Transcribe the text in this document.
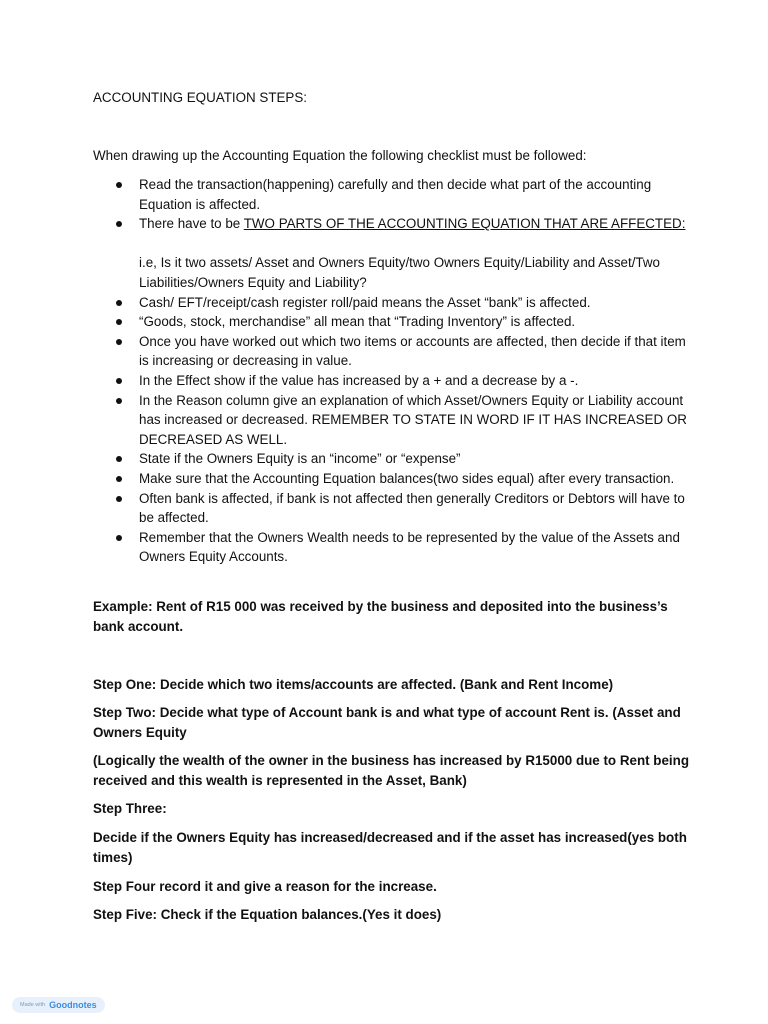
ACCOUNTING EQUATION STEPS:
When drawing up the Accounting Equation the following checklist must be followed:
Read the transaction(happening) carefully and then decide what part of the accounting Equation is affected.
There have to be TWO PARTS OF THE ACCOUNTING EQUATION THAT ARE AFFECTED:
i.e, Is it two assets/ Asset and Owners Equity/two Owners Equity/Liability and Asset/Two Liabilities/Owners Equity and Liability?
Cash/ EFT/receipt/cash register roll/paid means the Asset “bank” is affected.
“Goods, stock, merchandise” all mean that “Trading Inventory” is affected.
Once you have worked out which two items or accounts are affected, then decide if that item is increasing or decreasing in value.
In the Effect show if the value has increased by a + and a decrease by a -.
In the Reason column give an explanation of which Asset/Owners Equity or Liability account has increased or decreased. REMEMBER TO STATE IN WORD IF IT HAS INCREASED OR DECREASED AS WELL.
State if the Owners Equity is an “income” or “expense”
Make sure that the Accounting Equation balances(two sides equal) after every transaction.
Often bank is affected, if bank is not affected then generally Creditors or Debtors will have to be affected.
Remember that the Owners Wealth needs to be represented by the value of the Assets and Owners Equity Accounts.
Example: Rent of R15 000 was received by the business and deposited into the business’s bank account.
Step One: Decide which two items/accounts are affected. (Bank and Rent Income)
Step Two: Decide what type of Account bank is and what type of account Rent is. (Asset and Owners Equity
(Logically the wealth of the owner in the business has increased by R15000 due to Rent being received and this wealth is represented in the Asset, Bank)
Step Three:
Decide if the Owners Equity has increased/decreased and if the asset has increased(yes both times)
Step Four record it and give a reason for the increase.
Step Five: Check if the Equation balances.(Yes it does)
Made with Goodnotes
